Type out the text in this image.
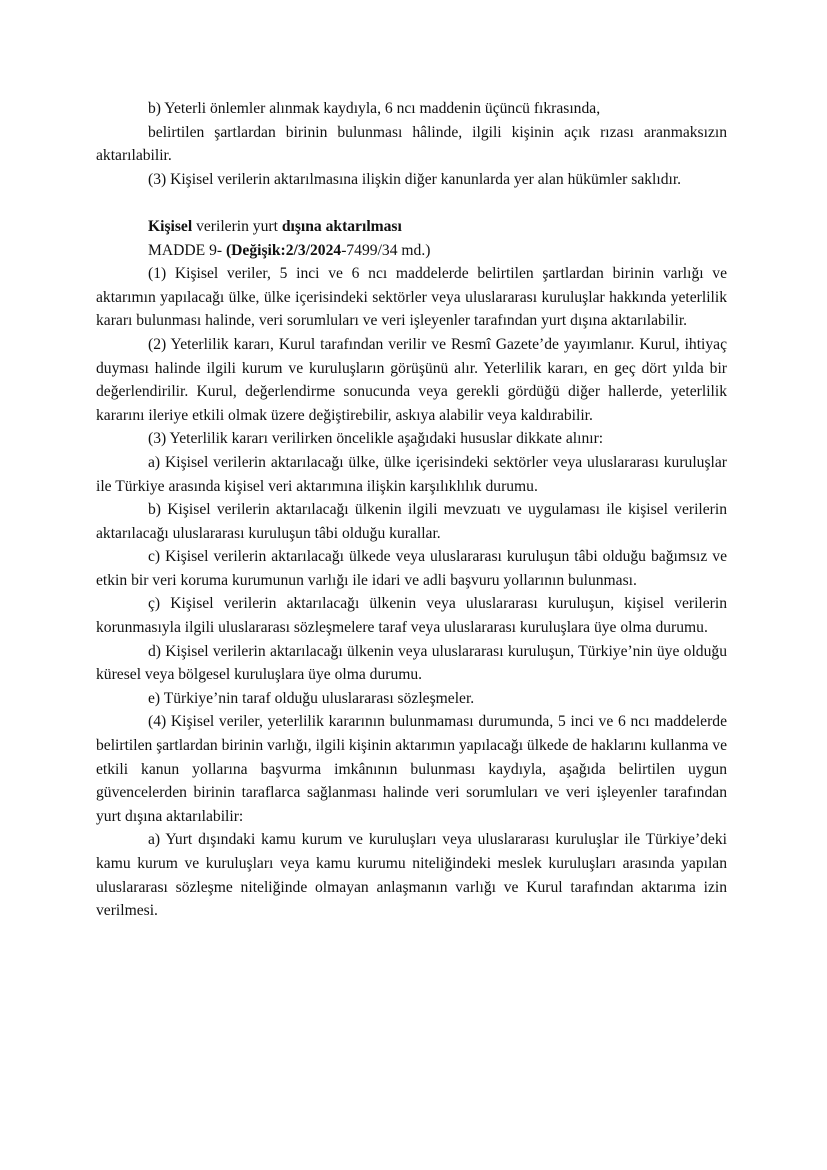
b) Yeterli önlemler alınmak kaydıyla, 6 ncı maddenin üçüncü fıkrasında,

belirtilen şartlardan birinin bulunması hâlinde, ilgili kişinin açık rızası aranmaksızın aktarılabilir.

(3) Kişisel verilerin aktarılmasına ilişkin diğer kanunlarda yer alan hükümler saklıdır.

Kişisel verilerin yurt dışına aktarılması

MADDE 9- (Değişik:2/3/2024-7499/34 md.)

(1) Kişisel veriler, 5 inci ve 6 ncı maddelerde belirtilen şartlardan birinin varlığı ve aktarımın yapılacağı ülke, ülke içerisindeki sektörler veya uluslararası kuruluşlar hakkında yeterlilik kararı bulunması halinde, veri sorumluları ve veri işleyenler tarafından yurt dışına aktarılabilir.

(2) Yeterlilik kararı, Kurul tarafından verilir ve Resmî Gazete’de yayımlanır. Kurul, ihtiyaç duyması halinde ilgili kurum ve kuruluşların görüşünü alır. Yeterlilik kararı, en geç dört yılda bir değerlendirilir. Kurul, değerlendirme sonucunda veya gerekli gördüğü diğer hallerde, yeterlilik kararını ileriye etkili olmak üzere değiştirebilir, askıya alabilir veya kaldırabilir.

(3) Yeterlilik kararı verilirken öncelikle aşağıdaki hususlar dikkate alınır:

a) Kişisel verilerin aktarılacağı ülke, ülke içerisindeki sektörler veya uluslararası kuruluşlar ile Türkiye arasında kişisel veri aktarımına ilişkin karşılıklılık durumu.

b) Kişisel verilerin aktarılacağı ülkenin ilgili mevzuatı ve uygulaması ile kişisel verilerin aktarılacağı uluslararası kuruluşun tâbi olduğu kurallar.

c) Kişisel verilerin aktarılacağı ülkede veya uluslararası kuruluşun tâbi olduğu bağımsız ve etkin bir veri koruma kurumunun varlığı ile idari ve adli başvuru yollarının bulunması.

ç) Kişisel verilerin aktarılacağı ülkenin veya uluslararası kuruluşun, kişisel verilerin korunmasıyla ilgili uluslararası sözleşmelere taraf veya uluslararası kuruluşlara üye olma durumu.

d) Kişisel verilerin aktarılacağı ülkenin veya uluslararası kuruluşun, Türkiye’nin üye olduğu küresel veya bölgesel kuruluşlara üye olma durumu.

e) Türkiye’nin taraf olduğu uluslararası sözleşmeler.

(4) Kişisel veriler, yeterlilik kararının bulunmaması durumunda, 5 inci ve 6 ncı maddelerde belirtilen şartlardan birinin varlığı, ilgili kişinin aktarımın yapılacağı ülkede de haklarını kullanma ve etkili kanun yollarına başvurma imkânının bulunması kaydıyla, aşağıda belirtilen uygun güvencelerden birinin taraflarca sağlanması halinde veri sorumluları ve veri işleyenler tarafından yurt dışına aktarılabilir:

a) Yurt dışındaki kamu kurum ve kuruluşları veya uluslararası kuruluşlar ile Türkiye’deki kamu kurum ve kuruluşları veya kamu kurumu niteliğindeki meslek kuruluşları arasında yapılan uluslararası sözleşme niteliğinde olmayan anlaşmanın varlığı ve Kurul tarafından aktarıma izin verilmesi.
